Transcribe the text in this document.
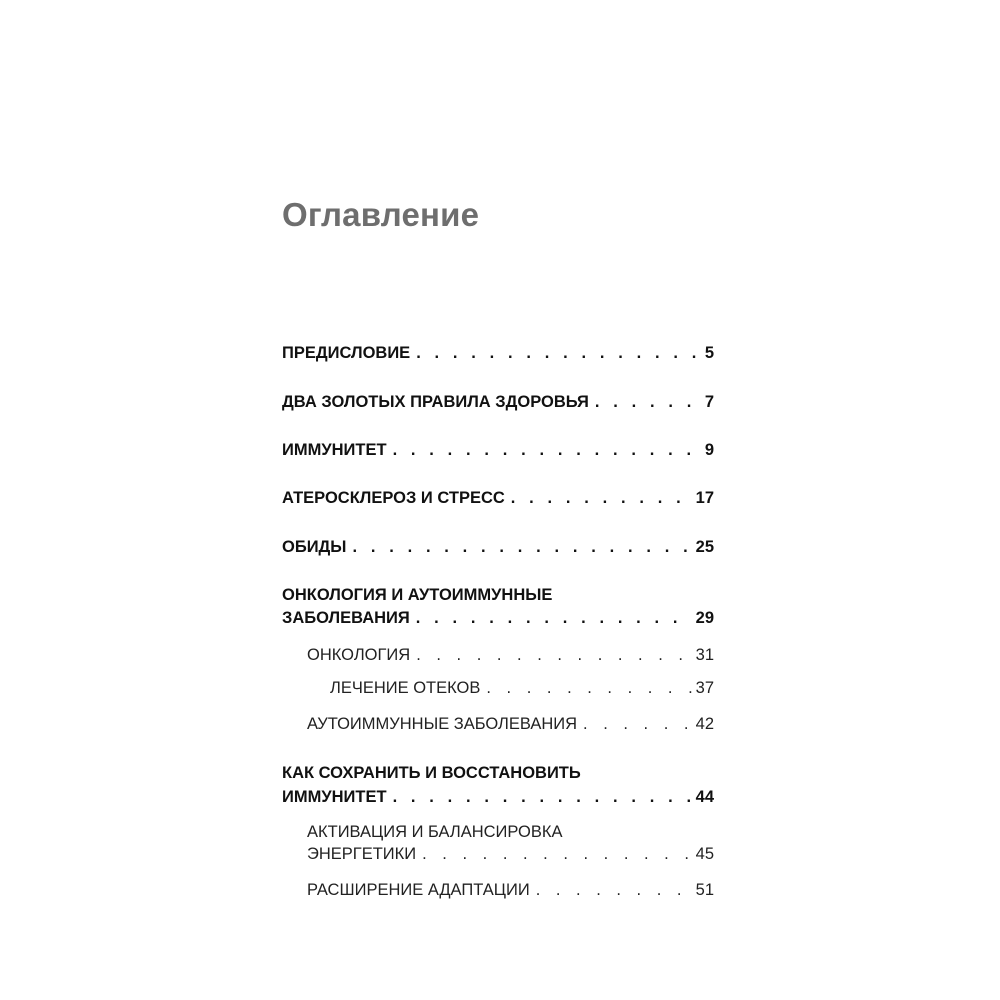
Оглавление
ПРЕДИСЛОВИЕ . . .	5
ДВА ЗОЛОТЫХ ПРАВИЛА ЗДОРОВЬЯ . . .	7
ИММУНИТЕТ . . .	9
АТЕРОСКЛЕРОЗ И СТРЕСС . . .	17
ОБИДЫ . . .	25
ОНКОЛОГИЯ И АУТОИММУННЫЕ
ЗАБОЛЕВАНИЯ . . .	29
ОНКОЛОГИЯ . . .	31
ЛЕЧЕНИЕ ОТЕКОВ . . .	37
АУТОИММУННЫЕ ЗАБОЛЕВАНИЯ . . .	42
КАК СОХРАНИТЬ И ВОССТАНОВИТЬ
ИММУНИТЕТ . . .	44
АКТИВАЦИЯ И БАЛАНСИРОВКА
ЭНЕРГЕТИКИ . . .	45
РАСШИРЕНИЕ АДАПТАЦИИ . . .	51
